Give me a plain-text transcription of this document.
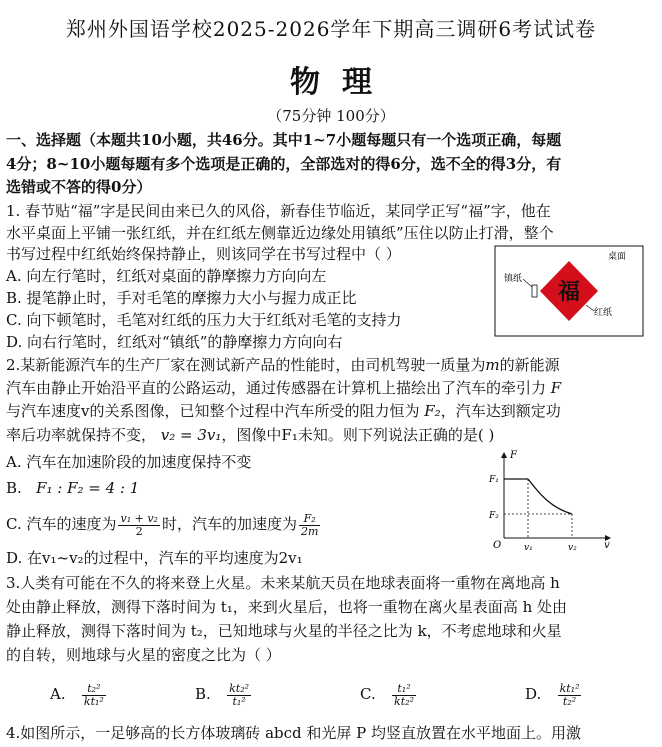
郑州外国语学校2025-2026学年下期高三调研6考试试卷
物理
（75分钟 100分）
一、选择题（本题共10小题，共46分。其中1~7小题每题只有一个选项正确，每题
4分；8~10小题每题有多个选项是正确的，全部选对的得6分，选不全的得3分，有
选错或不答的得0分）
1. 春节贴“福”字是民间由来已久的风俗，新春佳节临近，某同学正写“福”字，他在
水平桌面上平铺一张红纸，并在红纸左侧靠近边缘处用镇纸”压住以防止打滑，整个
书写过程中红纸始终保持静止，则该同学在书写过程中（ ）
A. 向左行笔时，红纸对桌面的静摩擦力方向向左
B. 提笔静止时，手对毛笔的摩擦力大小与握力成正比
C. 向下顿笔时，毛笔对红纸的压力大于红纸对毛笔的支持力
D. 向右行笔时，红纸对“镇纸”的静摩擦力方向向右
桌面
福
镇纸
红纸
2.某新能源汽车的生产厂家在测试新产品的性能时，由司机驾驶一质量为m的新能源
汽车由静止开始沿平直的公路运动，通过传感器在计算机上描绘出了汽车的牵引力 F
与汽车速度v的关系图像，已知整个过程中汽车所受的阻力恒为 F₂，汽车达到额定功
率后功率就保持不变， v₂ = 3v₁，图像中F₁未知。则下列说法正确的是( )
A. 汽车在加速阶段的加速度保持不变
B. F₁ : F₂ = 4 : 1
C. 汽车的速度为 $\frac{\text{v₁ + v₂}}{2}$ 时，汽车的加速度为 $\frac{\text{F₂}}{2m}$
D. 在v₁~v₂的过程中，汽车的平均速度为2v₁
F
v
O
F₁
F₂
v₁	v₂
3.人类有可能在不久的将来登上火星。未来某航天员在地球表面将一重物在离地高 h
处由静止释放，测得下落时间为 t₁，来到火星后，也将一重物在离火星表面高 h 处由
静止释放，测得下落时间为 t₂，已知地球与火星的半径之比为 k，不考虑地球和火星
的自转，则地球与火星的密度之比为（ ）
A. $\frac{\text{t₂²}}{\text{kt₁²}}$	B. $\frac{\text{kt₂²}}{\text{t₁²}}$	C. $\frac{\text{t₁²}}{\text{kt₂²}}$	D. $\frac{\text{kt₁²}}{\text{t₂²}}$
4.如图所示，一足够高的长方体玻璃砖 abcd 和光屏 P 均竖直放置在水平地面上。用激
